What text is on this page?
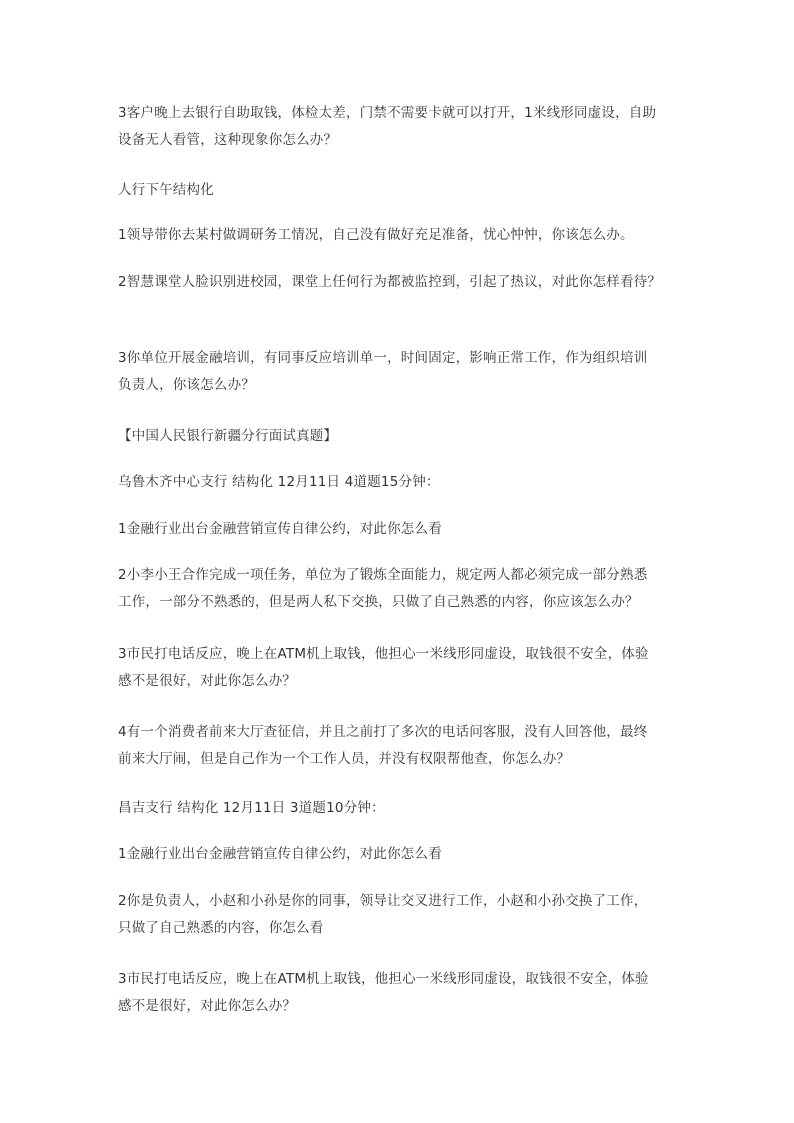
3客户晚上去银行自助取钱，体检太差，门禁不需要卡就可以打开，1米线形同虚设，自助
设备无人看管，这种现象你怎么办？
人行下午结构化
1领导带你去某村做调研务工情况，自己没有做好充足准备，忧心忡忡，你该怎么办。
2智慧课堂人脸识别进校园，课堂上任何行为都被监控到，引起了热议，对此你怎样看待？
3你单位开展金融培训，有同事反应培训单一，时间固定，影响正常工作，作为组织培训
负责人，你该怎么办？
【中国人民银行新疆分行面试真题】
乌鲁木齐中心支行 结构化 12月11日 4道题15分钟：
1金融行业出台金融营销宣传自律公约，对此你怎么看
2小李小王合作完成一项任务，单位为了锻炼全面能力，规定两人都必须完成一部分熟悉
工作，一部分不熟悉的，但是两人私下交换，只做了自己熟悉的内容，你应该怎么办？
3市民打电话反应，晚上在ATM机上取钱，他担心一米线形同虚设，取钱很不安全，体验
感不是很好，对此你怎么办？
4有一个消费者前来大厅查征信，并且之前打了多次的电话问客服，没有人回答他，最终
前来大厅闹，但是自己作为一个工作人员，并没有权限帮他查，你怎么办？
昌吉支行 结构化 12月11日 3道题10分钟：
1金融行业出台金融营销宣传自律公约，对此你怎么看
2你是负责人，小赵和小孙是你的同事，领导让交叉进行工作，小赵和小孙交换了工作，
只做了自己熟悉的内容，你怎么看
3市民打电话反应，晚上在ATM机上取钱，他担心一米线形同虚设，取钱很不安全，体验
感不是很好，对此你怎么办？
